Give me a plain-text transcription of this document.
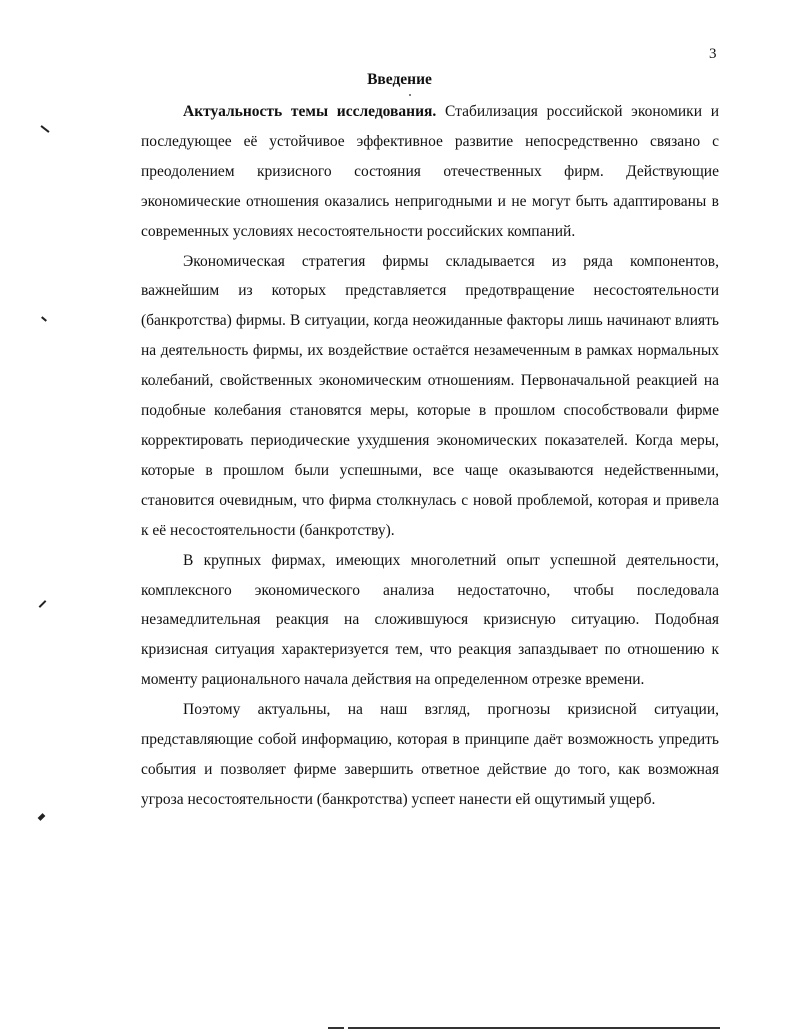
3
Введение

Актуальность темы исследования. Стабилизация российской экономики и последующее её устойчивое эффективное развитие непосредственно связано с преодолением кризисного состояния отечественных фирм. Действующие экономические отношения оказались непригодными и не могут быть адаптированы в современных условиях несостоятельности российских компаний.

Экономическая стратегия фирмы складывается из ряда компонентов, важнейшим из которых представляется предотвращение несостоятельности (банкротства) фирмы. В ситуации, когда неожиданные факторы лишь начинают влиять на деятельность фирмы, их воздействие остаётся незамеченным в рамках нормальных колебаний, свойственных экономическим отношениям. Первоначальной реакцией на подобные колебания становятся меры, которые в прошлом способствовали фирме корректировать периодические ухудшения экономических показателей. Когда меры, которые в прошлом были успешными, все чаще оказываются недейственными, становится очевидным, что фирма столкнулась с новой проблемой, которая и привела к её несостоятельности (банкротству).

В крупных фирмах, имеющих многолетний опыт успешной деятельности, комплексного экономического анализа недостаточно, чтобы последовала незамедлительная реакция на сложившуюся кризисную ситуацию. Подобная кризисная ситуация характеризуется тем, что реакция запаздывает по отношению к моменту рационального начала действия на определенном отрезке времени.

Поэтому актуальны, на наш взгляд, прогнозы кризисной ситуации, представляющие собой информацию, которая в принципе даёт возможность упредить события и позволяет фирме завершить ответное действие до того, как возможная угроза несостоятельности (банкротства) успеет нанести ей ощутимый ущерб.
